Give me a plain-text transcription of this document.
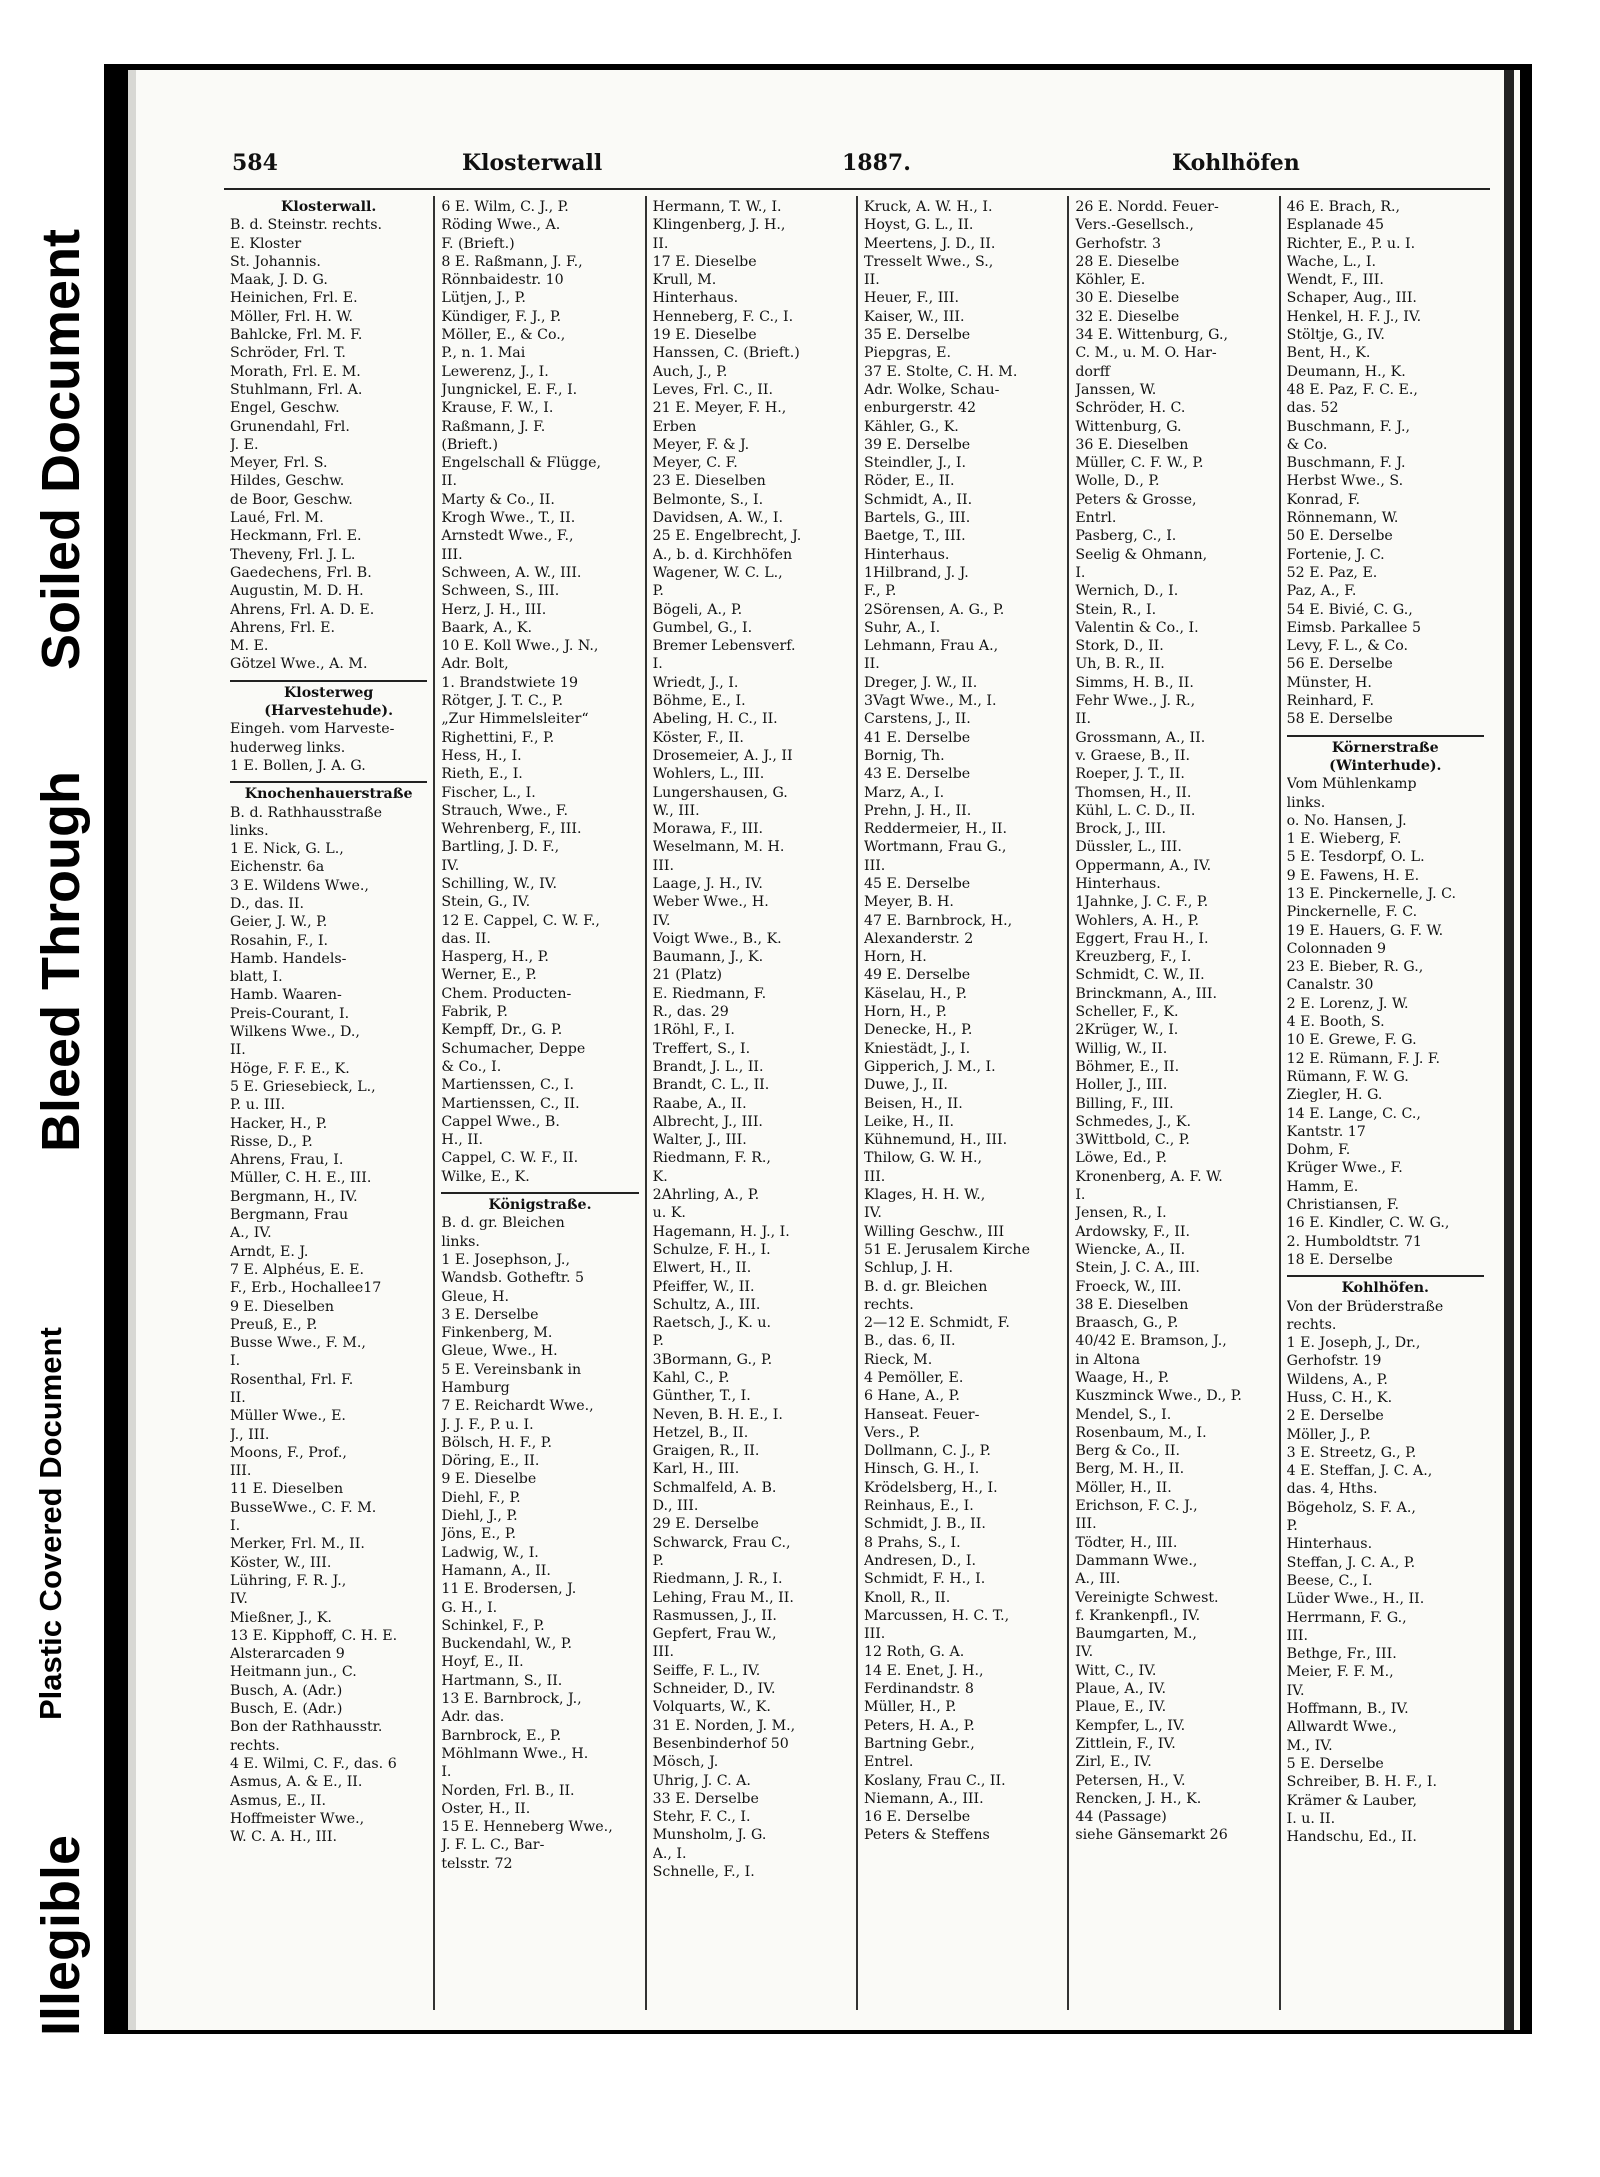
Illegible
Plastic Covered Document
Bleed Through
Soiled Document
584	Klosterwall	1887.	Kohlhöfen
Klosterwall.
B. d. Steinstr. rechts.
E. Kloster
St. Johannis.
Maak, J. D. G.
Heinichen, Frl. E.
Möller, Frl. H. W.
Bahlcke, Frl. M. F.
Schröder, Frl. T.
Morath, Frl. E. M.
Stuhlmann, Frl. A.
Engel, Geschw.
Grunendahl, Frl.
J. E.
Meyer, Frl. S.
Hildes, Geschw.
de Boor, Geschw.
Laué, Frl. M.
Heckmann, Frl. E.
Theveny, Frl. J. L.
Gaedechens, Frl. B.
Augustin, M. D. H.
Ahrens, Frl. A. D. E.
Ahrens, Frl. E.
M. E.
Götzel Wwe., A. M.
Klosterweg
(Harvestehude).
Eingeh. vom Harveste-
huderweg links.
1 E. Bollen, J. A. G.
Knochenhauerstraße
B. d. Rathhausstraße
links.
1 E. Nick, G. L.,
Eichenstr. 6a
3 E. Wildens Wwe.,
D., das. II.
Geier, J. W., P.
Rosahin, F., I.
Hamb. Handels-
blatt, I.
Hamb. Waaren-
Preis-Courant, I.
Wilkens Wwe., D.,
II.
Höge, F. F. E., K.
5 E. Griesebieck, L.,
P. u. III.
Hacker, H., P.
Risse, D., P.
Ahrens, Frau, I.
Müller, C. H. E., III.
Bergmann, H., IV.
Bergmann, Frau
A., IV.
Arndt, E. J.
7 E. Alphéus, E. E.
F., Erb., Hochallee17
9 E. Dieselben
Preuß, E., P.
Busse Wwe., F. M.,
I.
Rosenthal, Frl. F.
II.
Müller Wwe., E.
J., III.
Moons, F., Prof.,
III.
11 E. Dieselben
BusseWwe., C. F. M.
I.
Merker, Frl. M., II.
Köster, W., III.
Lühring, F. R. J.,
IV.
Mießner, J., K.
13 E. Kipphoff, C. H. E.
Alsterarcaden 9
Heitmann jun., C.
Busch, A. (Adr.)
Busch, E. (Adr.)
Bon der Rathhausstr.
rechts.
4 E. Wilmi, C. F., das. 6
Asmus, A. & E., II.
Asmus, E., II.
Hoffmeister Wwe.,
W. C. A. H., III.
6 E. Wilm, C. J., P.
Röding Wwe., A.
F. (Brieft.)
8 E. Raßmann, J. F.,
Rönnbaidestr. 10
Lütjen, J., P.
Kündiger, F. J., P.
Möller, E., & Co.,
P., n. 1. Mai
Lewerenz, J., I.
Jungnickel, E. F., I.
Krause, F. W., I.
Raßmann, J. F.
(Brieft.)
Engelschall & Flügge,
II.
Marty & Co., II.
Krogh Wwe., T., II.
Arnstedt Wwe., F.,
III.
Schween, A. W., III.
Schween, S., III.
Herz, J. H., III.
Baark, A., K.
10 E. Koll Wwe., J. N.,
Adr. Bolt,
1. Brandstwiete 19
Rötger, J. T. C., P.
„Zur Himmelsleiter“
Righettini, F., P.
Hess, H., I.
Rieth, E., I.
Fischer, L., I.
Strauch, Wwe., F.
Wehrenberg, F., III.
Bartling, J. D. F.,
IV.
Schilling, W., IV.
Stein, G., IV.
12 E. Cappel, C. W. F.,
das. II.
Hasperg, H., P.
Werner, E., P.
Chem. Producten-
Fabrik, P.
Kempff, Dr., G. P.
Schumacher, Deppe
& Co., I.
Martienssen, C., I.
Martienssen, C., II.
Cappel Wwe., B.
H., II.
Cappel, C. W. F., II.
Wilke, E., K.
Königstraße.
B. d. gr. Bleichen
links.
1 E. Josephson, J.,
Wandsb. Gotheftr. 5
Gleue, H.
3 E. Derselbe
Finkenberg, M.
Gleue, Wwe., H.
5 E. Vereinsbank in
Hamburg
7 E. Reichardt Wwe.,
J. J. F., P. u. I.
Bölsch, H. F., P.
Döring, E., II.
9 E. Dieselbe
Diehl, F., P.
Diehl, J., P.
Jöns, E., P.
Ladwig, W., I.
Hamann, A., II.
11 E. Brodersen, J.
G. H., I.
Schinkel, F., P.
Buckendahl, W., P.
Hoyf, E., II.
Hartmann, S., II.
13 E. Barnbrock, J.,
Adr. das.
Barnbrock, E., P.
Möhlmann Wwe., H.
I.
Norden, Frl. B., II.
Oster, H., II.
15 E. Henneberg Wwe.,
J. F. L. C., Bar-
telsstr. 72
Hermann, T. W., I.
Klingenberg, J. H.,
II.
17 E. Dieselbe
Krull, M.
Hinterhaus.
Henneberg, F. C., I.
19 E. Dieselbe
Hanssen, C. (Brieft.)
Auch, J., P.
Leves, Frl. C., II.
21 E. Meyer, F. H.,
Erben
Meyer, F. & J.
Meyer, C. F.
23 E. Dieselben
Belmonte, S., I.
Davidsen, A. W., I.
25 E. Engelbrecht, J.
A., b. d. Kirchhöfen
Wagener, W. C. L.,
P.
Bögeli, A., P.
Gumbel, G., I.
Bremer Lebensverf.
I.
Wriedt, J., I.
Böhme, E., I.
Abeling, H. C., II.
Köster, F., II.
Drosemeier, A. J., II
Wohlers, L., III.
Lungershausen, G.
W., III.
Morawa, F., III.
Weselmann, M. H.
III.
Laage, J. H., IV.
Weber Wwe., H.
IV.
Voigt Wwe., B., K.
Baumann, J., K.
21 (Platz)
E. Riedmann, F.
R., das. 29
1Röhl, F., I.
Treffert, S., I.
Brandt, J. L., II.
Brandt, C. L., II.
Raabe, A., II.
Albrecht, J., III.
Walter, J., III.
Riedmann, F. R.,
K.
2Ahrling, A., P.
u. K.
Hagemann, H. J., I.
Schulze, F. H., I.
Elwert, H., II.
Pfeiffer, W., II.
Schultz, A., III.
Raetsch, J., K. u.
P.
3Bormann, G., P.
Kahl, C., P.
Günther, T., I.
Neven, B. H. E., I.
Hetzel, B., II.
Graigen, R., II.
Karl, H., III.
Schmalfeld, A. B.
D., III.
29 E. Derselbe
Schwarck, Frau C.,
P.
Riedmann, J. R., I.
Lehing, Frau M., II.
Rasmussen, J., II.
Gepfert, Frau W.,
III.
Seiffe, F. L., IV.
Schneider, D., IV.
Volquarts, W., K.
31 E. Norden, J. M.,
Besenbinderhof 50
Mösch, J.
Uhrig, J. C. A.
33 E. Derselbe
Stehr, F. C., I.
Munsholm, J. G.
A., I.
Schnelle, F., I.
Kruck, A. W. H., I.
Hoyst, G. L., II.
Meertens, J. D., II.
Tresselt Wwe., S.,
II.
Heuer, F., III.
Kaiser, W., III.
35 E. Derselbe
Piepgras, E.
37 E. Stolte, C. H. M.
Adr. Wolke, Schau-
enburgerstr. 42
Kähler, G., K.
39 E. Derselbe
Steindler, J., I.
Röder, E., II.
Schmidt, A., II.
Bartels, G., III.
Baetge, T., III.
Hinterhaus.
1Hilbrand, J. J.
F., P.
2Sörensen, A. G., P.
Suhr, A., I.
Lehmann, Frau A.,
II.
Dreger, J. W., II.
3Vagt Wwe., M., I.
Carstens, J., II.
41 E. Derselbe
Bornig, Th.
43 E. Derselbe
Marz, A., I.
Prehn, J. H., II.
Reddermeier, H., II.
Wortmann, Frau G.,
III.
45 E. Derselbe
Meyer, B. H.
47 E. Barnbrock, H.,
Alexanderstr. 2
Horn, H.
49 E. Derselbe
Käselau, H., P.
Horn, H., P.
Denecke, H., P.
Kniestädt, J., I.
Gipperich, J. M., I.
Duwe, J., II.
Beisen, H., II.
Leike, H., II.
Kühnemund, H., III.
Thilow, G. W. H.,
III.
Klages, H. H. W.,
IV.
Willing Geschw., III
51 E. Jerusalem Kirche
Schlup, J. H.
B. d. gr. Bleichen
rechts.
2—12 E. Schmidt, F.
B., das. 6, II.
Rieck, M.
4 Pemöller, E.
6 Hane, A., P.
Hanseat. Feuer-
Vers., P.
Dollmann, C. J., P.
Hinsch, G. H., I.
Krödelsberg, H., I.
Reinhaus, E., I.
Schmidt, J. B., II.
8 Prahs, S., I.
Andresen, D., I.
Schmidt, F. H., I.
Knoll, R., II.
Marcussen, H. C. T.,
III.
12 Roth, G. A.
14 E. Enet, J. H.,
Ferdinandstr. 8
Müller, H., P.
Peters, H. A., P.
Bartning Gebr.,
Entrel.
Koslany, Frau C., II.
Niemann, A., III.
16 E. Derselbe
Peters & Steffens
26 E. Nordd. Feuer-
Vers.-Gesellsch.,
Gerhofstr. 3
28 E. Dieselbe
Köhler, E.
30 E. Dieselbe
32 E. Dieselbe
34 E. Wittenburg, G.,
C. M., u. M. O. Har-
dorff
Janssen, W.
Schröder, H. C.
Wittenburg, G.
36 E. Dieselben
Müller, C. F. W., P.
Wolle, D., P.
Peters & Grosse,
Entrl.
Pasberg, C., I.
Seelig & Ohmann,
I.
Wernich, D., I.
Stein, R., I.
Valentin & Co., I.
Stork, D., II.
Uh, B. R., II.
Simms, H. B., II.
Fehr Wwe., J. R.,
II.
Grossmann, A., II.
v. Graese, B., II.
Roeper, J. T., II.
Thomsen, H., II.
Kühl, L. C. D., II.
Brock, J., III.
Düssler, L., III.
Oppermann, A., IV.
Hinterhaus.
1Jahnke, J. C. F., P.
Wohlers, A. H., P.
Eggert, Frau H., I.
Kreuzberg, F., I.
Schmidt, C. W., II.
Brinckmann, A., III.
Scheller, F., K.
2Krüger, W., I.
Willig, W., II.
Böhmer, E., II.
Holler, J., III.
Billing, F., III.
Schmedes, J., K.
3Wittbold, C., P.
Löwe, Ed., P.
Kronenberg, A. F. W.
I.
Jensen, R., I.
Ardowsky, F., II.
Wiencke, A., II.
Stein, J. C. A., III.
Froeck, W., III.
38 E. Dieselben
Braasch, G., P.
40/42 E. Bramson, J.,
in Altona
Waage, H., P.
Kuszminck Wwe., D., P.
Mendel, S., I.
Rosenbaum, M., I.
Berg & Co., II.
Berg, M. H., II.
Möller, H., II.
Erichson, F. C. J.,
III.
Tödter, H., III.
Dammann Wwe.,
A., III.
Vereinigte Schwest.
f. Krankenpfl., IV.
Baumgarten, M.,
IV.
Witt, C., IV.
Plaue, A., IV.
Plaue, E., IV.
Kempfer, L., IV.
Zittlein, F., IV.
Zirl, E., IV.
Petersen, H., V.
Rencken, J. H., K.
44 (Passage)
siehe Gänsemarkt 26
46 E. Brach, R.,
Esplanade 45
Richter, E., P. u. I.
Wache, L., I.
Wendt, F., III.
Schaper, Aug., III.
Henkel, H. F. J., IV.
Stöltje, G., IV.
Bent, H., K.
Deumann, H., K.
48 E. Paz, F. C. E.,
das. 52
Buschmann, F. J.,
& Co.
Buschmann, F. J.
Herbst Wwe., S.
Konrad, F.
Rönnemann, W.
50 E. Derselbe
Fortenie, J. C.
52 E. Paz, E.
Paz, A., F.
54 E. Bivié, C. G.,
Eimsb. Parkallee 5
Levy, F. L., & Co.
56 E. Derselbe
Münster, H.
Reinhard, F.
58 E. Derselbe
Körnerstraße
(Winterhude).
Vom Mühlenkamp
links.
o. No. Hansen, J.
1 E. Wieberg, F.
5 E. Tesdorpf, O. L.
9 E. Fawens, H. E.
13 E. Pinckernelle, J. C.
Pinckernelle, F. C.
19 E. Hauers, G. F. W.
Colonnaden 9
23 E. Bieber, R. G.,
Canalstr. 30
2 E. Lorenz, J. W.
4 E. Booth, S.
10 E. Grewe, F. G.
12 E. Rümann, F. J. F.
Rümann, F. W. G.
Ziegler, H. G.
14 E. Lange, C. C.,
Kantstr. 17
Dohm, F.
Krüger Wwe., F.
Hamm, E.
Christiansen, F.
16 E. Kindler, C. W. G.,
2. Humboldtstr. 71
18 E. Derselbe
Kohlhöfen.
Von der Brüderstraße
rechts.
1 E. Joseph, J., Dr.,
Gerhofstr. 19
Wildens, A., P.
Huss, C. H., K.
2 E. Derselbe
Möller, J., P.
3 E. Streetz, G., P.
4 E. Steffan, J. C. A.,
das. 4, Hths.
Bögeholz, S. F. A.,
P.
Hinterhaus.
Steffan, J. C. A., P.
Beese, C., I.
Lüder Wwe., H., II.
Herrmann, F. G.,
III.
Bethge, Fr., III.
Meier, F. F. M.,
IV.
Hoffmann, B., IV.
Allwardt Wwe.,
M., IV.
5 E. Derselbe
Schreiber, B. H. F., I.
Krämer & Lauber,
I. u. II.
Handschu, Ed., II.
